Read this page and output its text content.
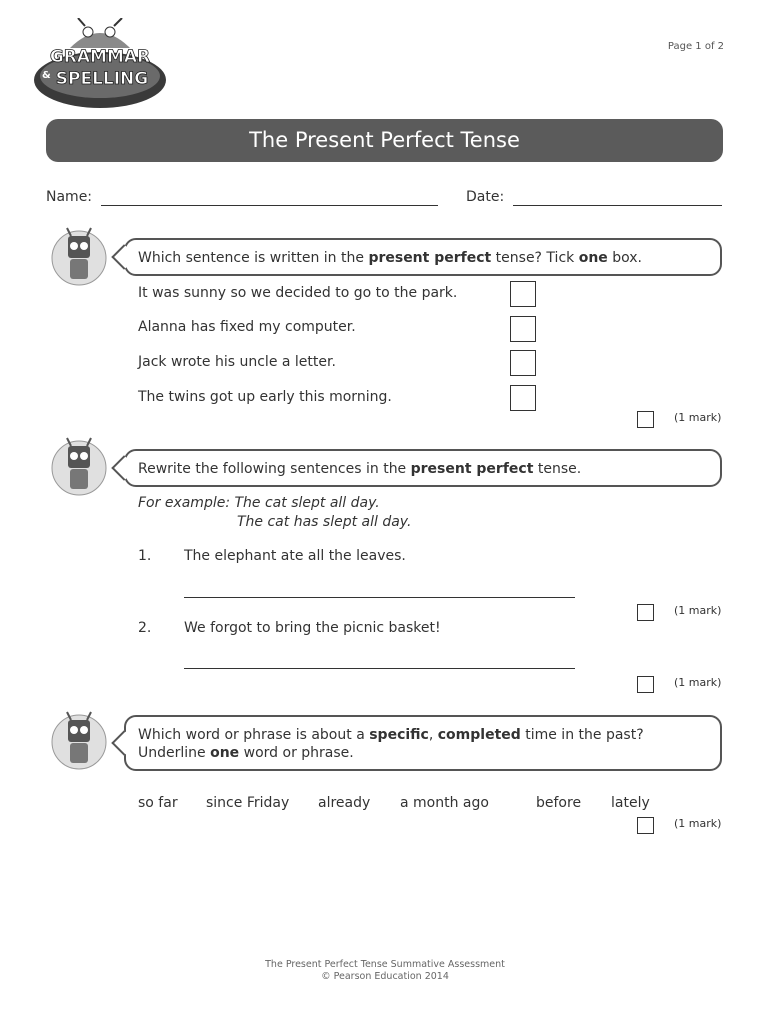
GRAMMAR
& SPELLING
Page 1 of 2
The Present Perfect Tense
Name:	Date:
Which sentence is written in the present perfect tense? Tick one box.
It was sunny so we decided to go to the park.
Alanna has fixed my computer.
Jack wrote his uncle a letter.
The twins got up early this morning.
(1 mark)
Rewrite the following sentences in the present perfect tense.
For example: The cat slept all day.
The cat has slept all day.
1. The elephant ate all the leaves.
(1 mark)
2. We forgot to bring the picnic basket!
(1 mark)
Which word or phrase is about a specific, completed time in the past?
Underline one word or phrase.
so far since Friday already a month ago	before lately
(1 mark)
The Present Perfect Tense Summative Assessment
© Pearson Education 2014
